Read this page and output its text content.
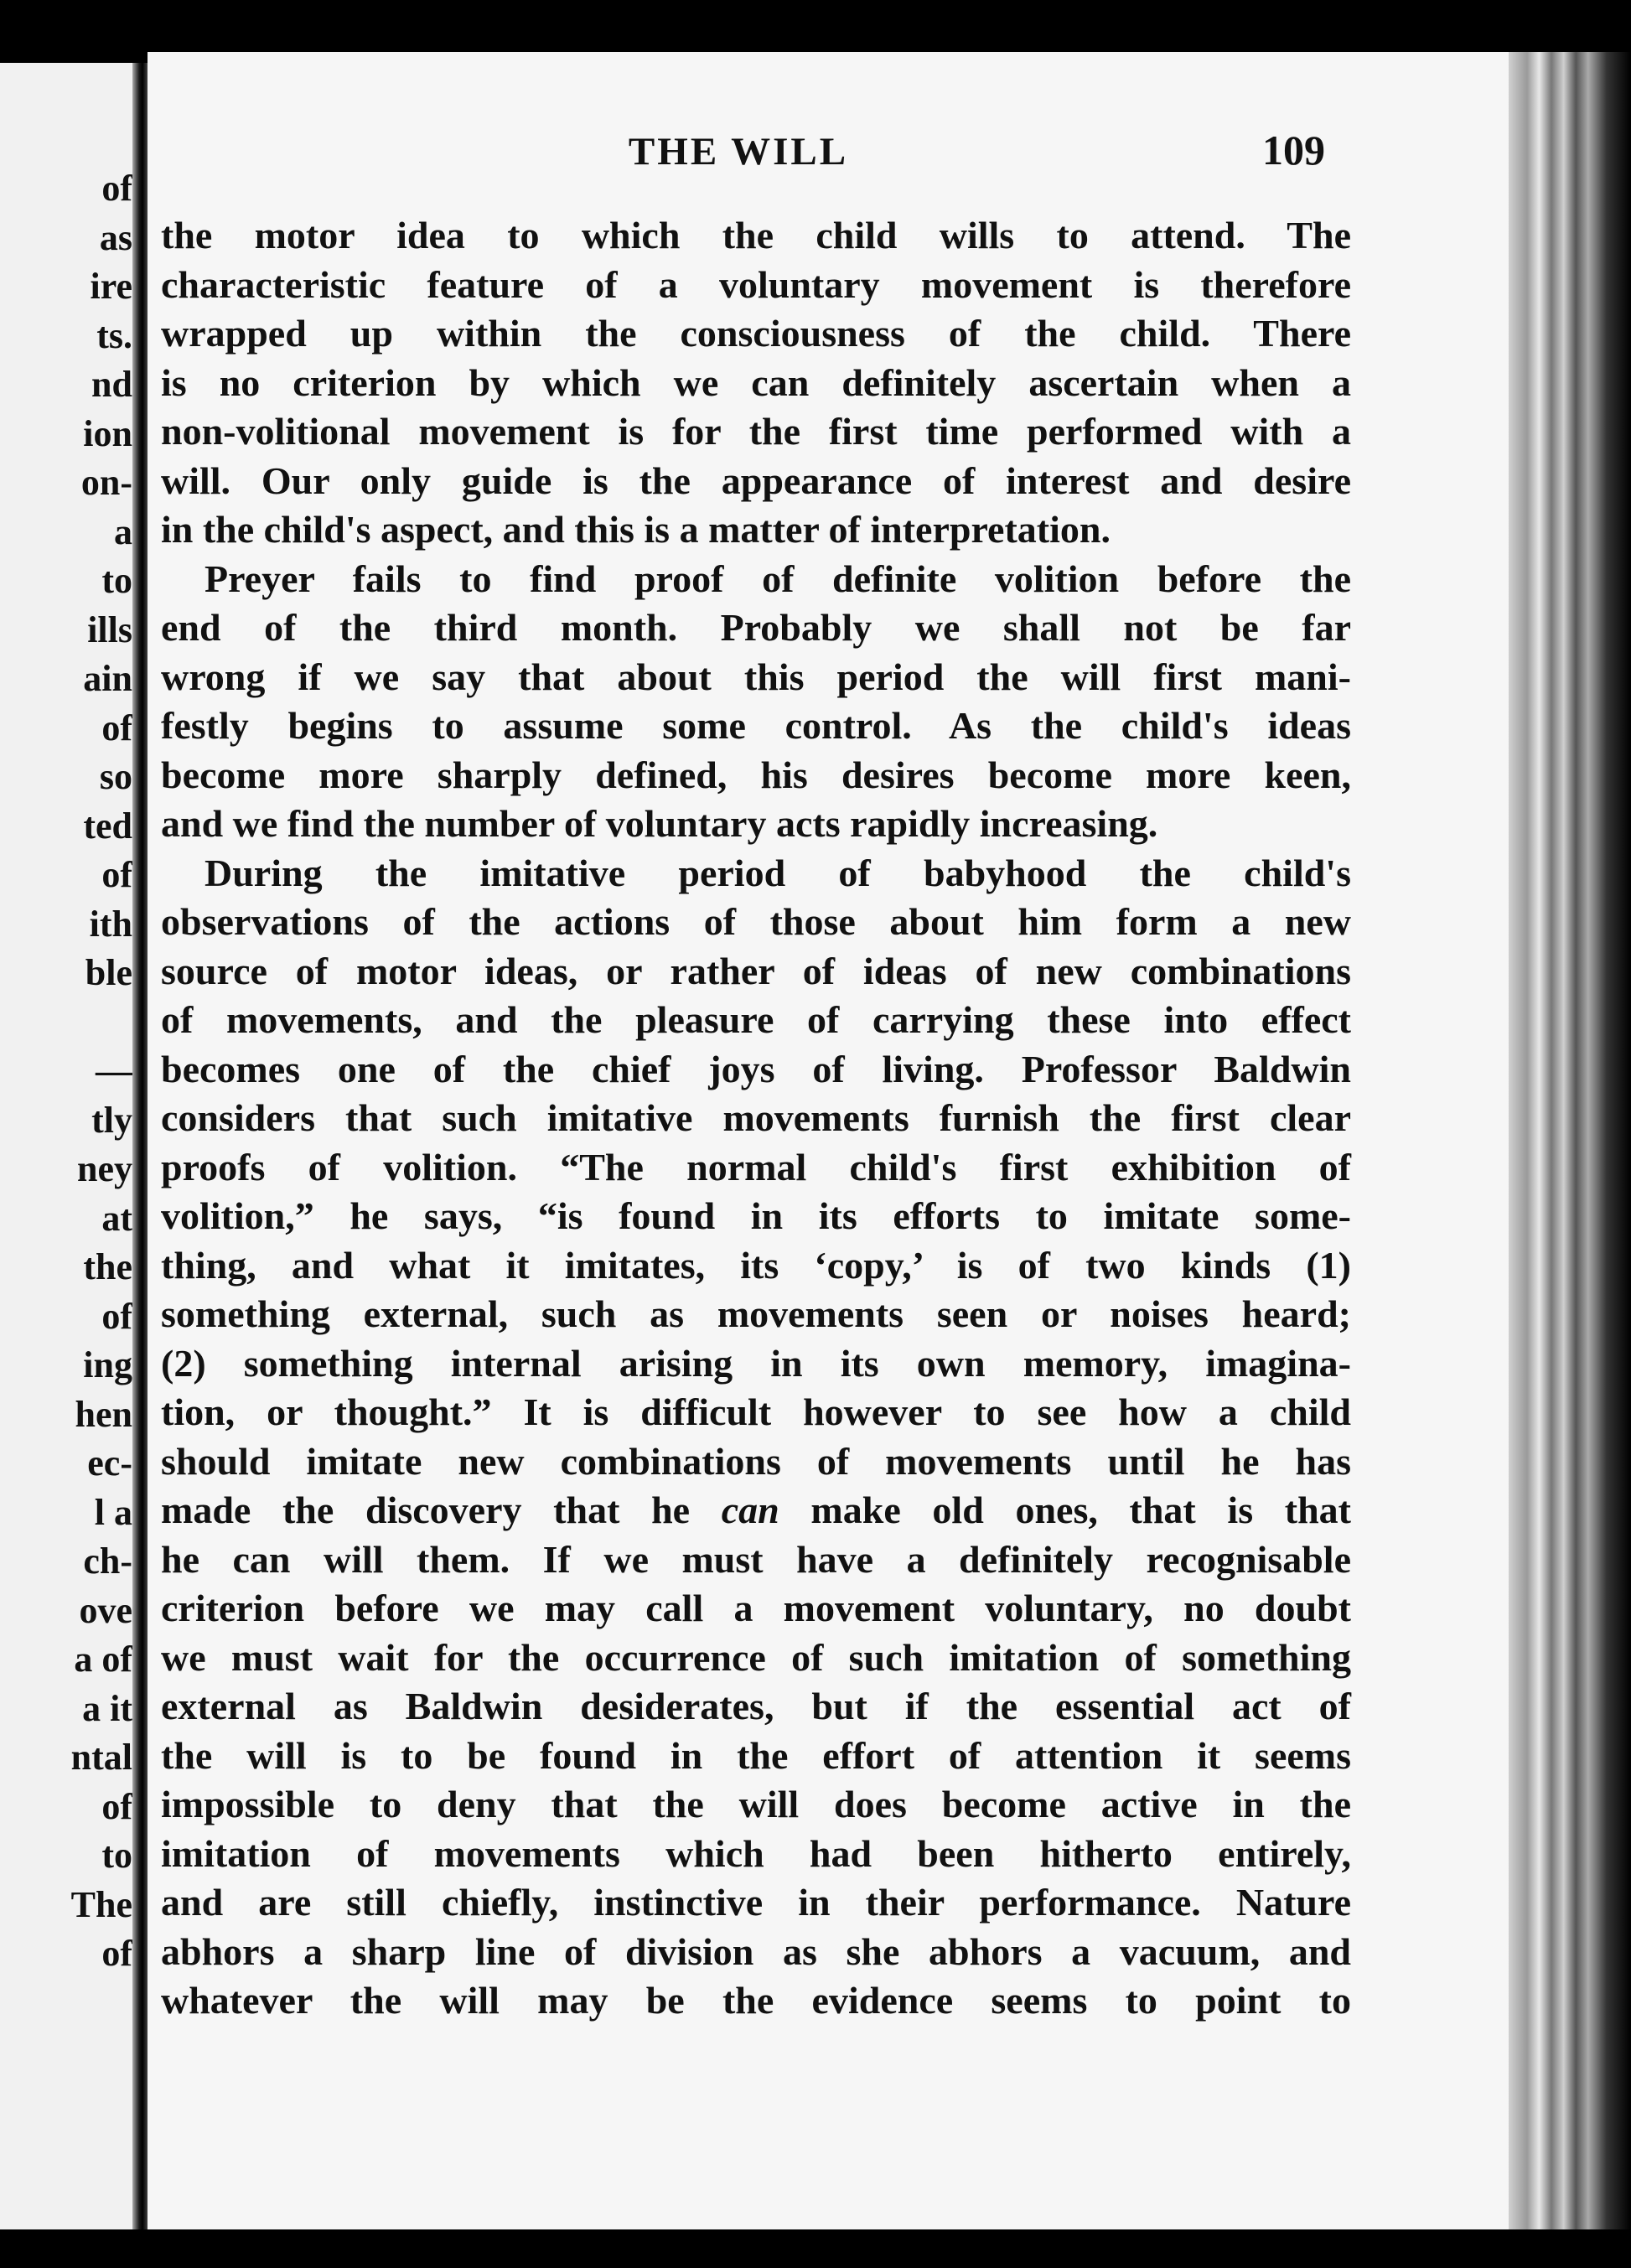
of
as
ire
ts.
nd
ion
on-
a
to
ills
ain
of
so
ted
of
ith
ble
—
tly
ney
at
the
of
ing
hen
ec-
l a
ch-
ove
a of
a it
ntal
of
to
The
of
THE WILL	109
the motor idea to which the child wills to attend. The
characteristic feature of a voluntary movement is therefore
wrapped up within the consciousness of the child. There
is no criterion by which we can definitely ascertain when a
non-volitional movement is for the first time performed with a
will. Our only guide is the appearance of interest and desire
in the child's aspect, and this is a matter of interpretation.
Preyer fails to find proof of definite volition before the
end of the third month. Probably we shall not be far
wrong if we say that about this period the will first mani-
festly begins to assume some control. As the child's ideas
become more sharply defined, his desires become more keen,
and we find the number of voluntary acts rapidly increasing.
During the imitative period of babyhood the child's
observations of the actions of those about him form a new
source of motor ideas, or rather of ideas of new combinations
of movements, and the pleasure of carrying these into effect
becomes one of the chief joys of living. Professor Baldwin
considers that such imitative movements furnish the first clear
proofs of volition. “The normal child's first exhibition of
volition,” he says, “is found in its efforts to imitate some-
thing, and what it imitates, its ‘copy,’ is of two kinds (1)
something external, such as movements seen or noises heard;
(2) something internal arising in its own memory, imagina-
tion, or thought.” It is difficult however to see how a child
should imitate new combinations of movements until he has
made the discovery that he can make old ones, that is that
he can will them. If we must have a definitely recognisable
criterion before we may call a movement voluntary, no doubt
we must wait for the occurrence of such imitation of something
external as Baldwin desiderates, but if the essential act of
the will is to be found in the effort of attention it seems
impossible to deny that the will does become active in the
imitation of movements which had been hitherto entirely,
and are still chiefly, instinctive in their performance. Nature
abhors a sharp line of division as she abhors a vacuum, and
whatever the will may be the evidence seems to point to
